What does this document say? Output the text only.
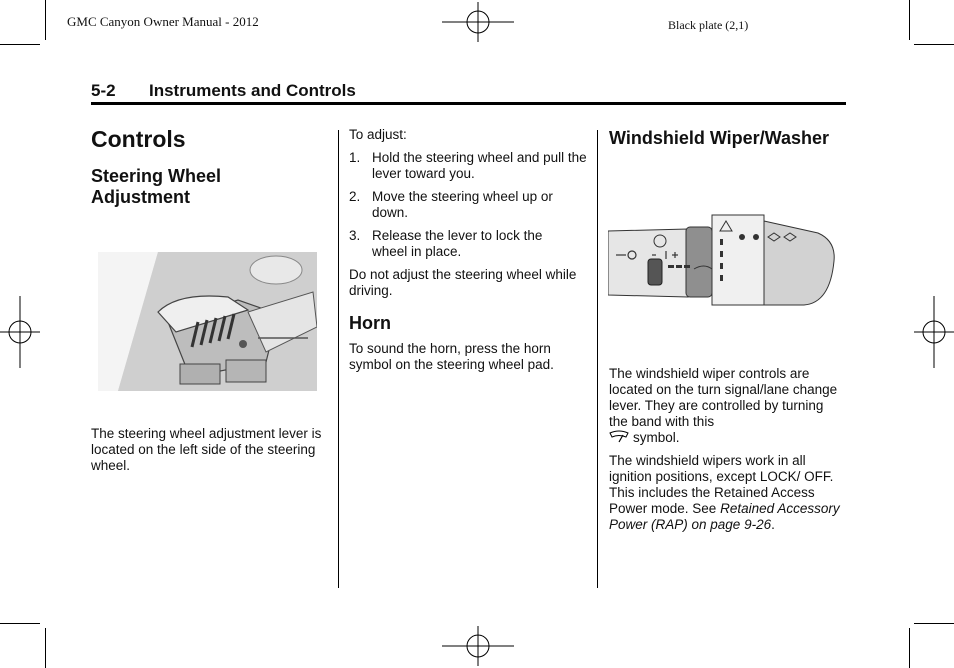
GMC Canyon Owner Manual - 2012	Black plate (2,1)
5-2 Instruments and Controls
Controls
Steering Wheel Adjustment
The steering wheel adjustment lever is located on the left side of the steering wheel.
To adjust:
1. Hold the steering wheel and pull the lever toward you.
2. Move the steering wheel up or down.
3. Release the lever to lock the wheel in place.
Do not adjust the steering wheel while driving.
Horn
To sound the horn, press the horn symbol on the steering wheel pad.
Windshield Wiper/Washer
The windshield wiper controls are located on the turn signal/lane change lever. They are controlled by turning the band with this
symbol.
The windshield wipers work in all ignition positions, except LOCK/ OFF. This includes the Retained Access Power mode. See Retained Accessory Power (RAP) on page 9-26.
